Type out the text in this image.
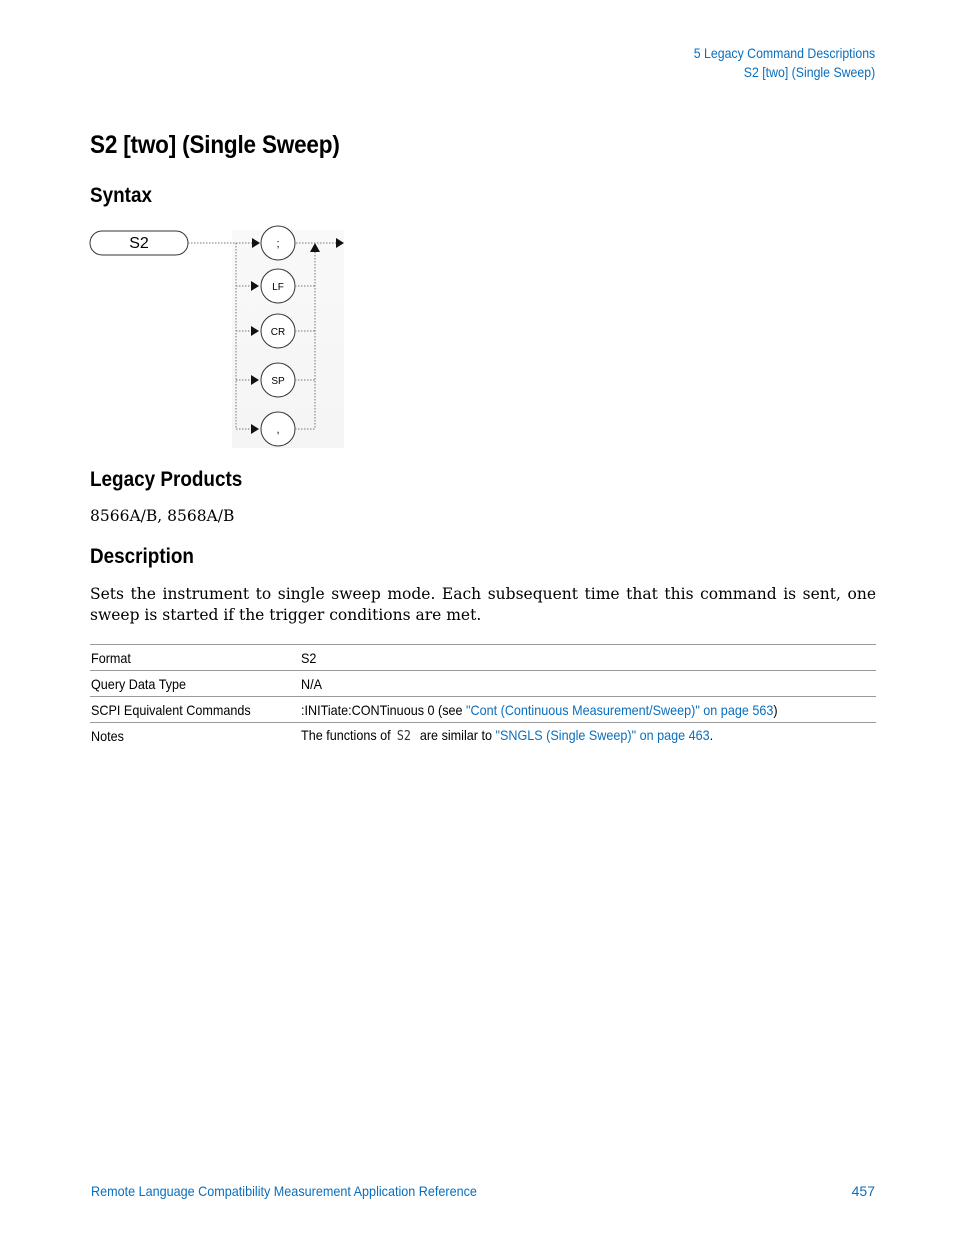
5 Legacy Command Descriptions
S2 [two] (Single Sweep)
S2 [two] (Single Sweep)
Syntax
S2	;
LF
CR
SP
,
Legacy Products
8566A/B, 8568A/B
Description
Sets the instrument to single sweep mode. Each subsequent time that this command is sent, one sweep is started if the trigger conditions are met.
Format	S2
Query Data Type	N/A
SCPI Equivalent Commands	:INITiate:CONTinuous 0 (see "Cont (Continuous Measurement/Sweep)" on page 563)
Notes	The functions of S2 are similar to "SNGLS (Single Sweep)" on page 463.
Remote Language Compatibility Measurement Application Reference	457
